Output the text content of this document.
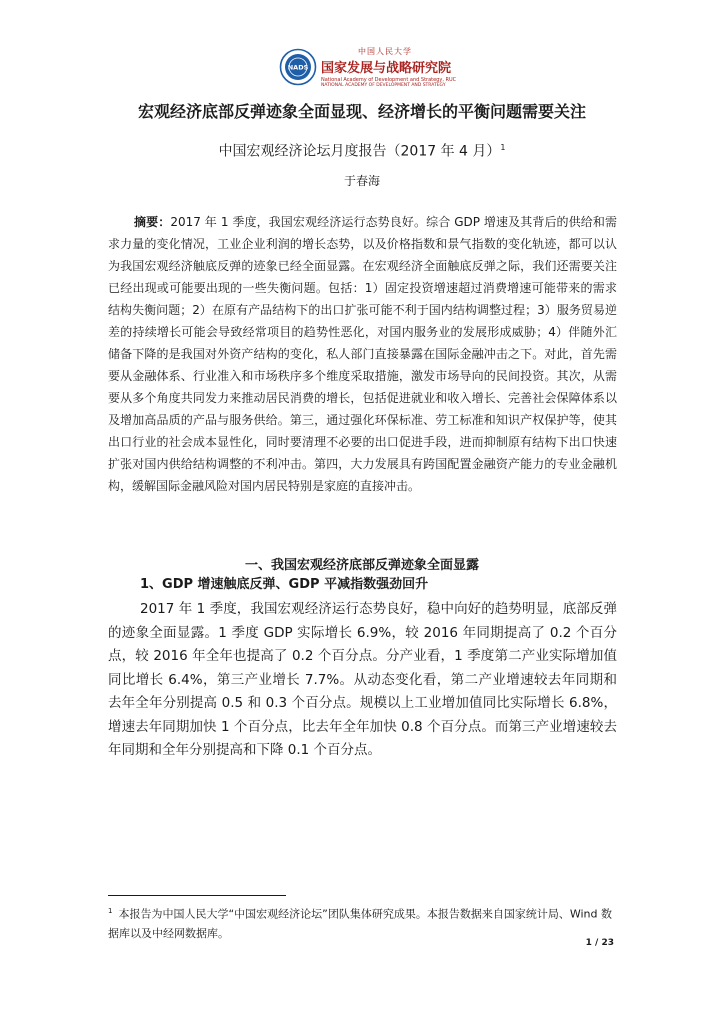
NADS
中国人民大学
国家发展与战略研究院
National Academy of Development and Strategy, RUC
NATIONAL ACADEMY OF DEVELOPMENT AND STRATEGY
宏观经济底部反弹迹象全面显现、经济增长的平衡问题需要关注
中国宏观经济论坛月度报告（2017 年 4 月）$^1$
于春海

摘要：2017 年 1 季度，我国宏观经济运行态势良好。综合 GDP 增速及其背后的供给和需求力量的变化情况，工业企业利润的增长态势，以及价格指数和景气指数的变化轨迹，都可以认为我国宏观经济触底反弹的迹象已经全面显露。在宏观经济全面触底反弹之际，我们还需要关注已经出现或可能要出现的一些失衡问题。包括：1）固定投资增速超过消费增速可能带来的需求结构失衡问题；2）在原有产品结构下的出口扩张可能不利于国内结构调整过程；3）服务贸易逆差的持续增长可能会导致经常项目的趋势性恶化，对国内服务业的发展形成威胁；4）伴随外汇储备下降的是我国对外资产结构的变化，私人部门直接暴露在国际金融冲击之下。对此，首先需要从金融体系、行业准入和市场秩序多个维度采取措施，激发市场导向的民间投资。其次，从需要从多个角度共同发力来推动居民消费的增长，包括促进就业和收入增长、完善社会保障体系以及增加高品质的产品与服务供给。第三，通过强化环保标准、劳工标准和知识产权保护等，使其出口行业的社会成本显性化，同时要清理不必要的出口促进手段，进而抑制原有结构下出口快速扩张对国内供给结构调整的不利冲击。第四，大力发展具有跨国配置金融资产能力的专业金融机构，缓解国际金融风险对国内居民特别是家庭的直接冲击。

一、我国宏观经济底部反弹迹象全面显露
1、GDP 增速触底反弹、GDP 平减指数强劲回升

2017 年 1 季度，我国宏观经济运行态势良好，稳中向好的趋势明显，底部反弹的迹象全面显露。1 季度 GDP 实际增长 6.9%，较 2016 年同期提高了 0.2 个百分点，较 2016 年全年也提高了 0.2 个百分点。分产业看，1 季度第二产业实际增加值同比增长 6.4%，第三产业增长 7.7%。从动态变化看，第二产业增速较去年同期和去年全年分别提高 0.5 和 0.3 个百分点。规模以上工业增加值同比实际增长 6.8%，增速去年同期加快 1 个百分点，比去年全年加快 0.8 个百分点。而第三产业增速较去年同期和全年分别提高和下降 0.1 个百分点。

$^1$ 本报告为中国人民大学“中国宏观经济论坛”团队集体研究成果。本报告数据来自国家统计局、Wind 数据库以及中经网数据库。

1 / 23
